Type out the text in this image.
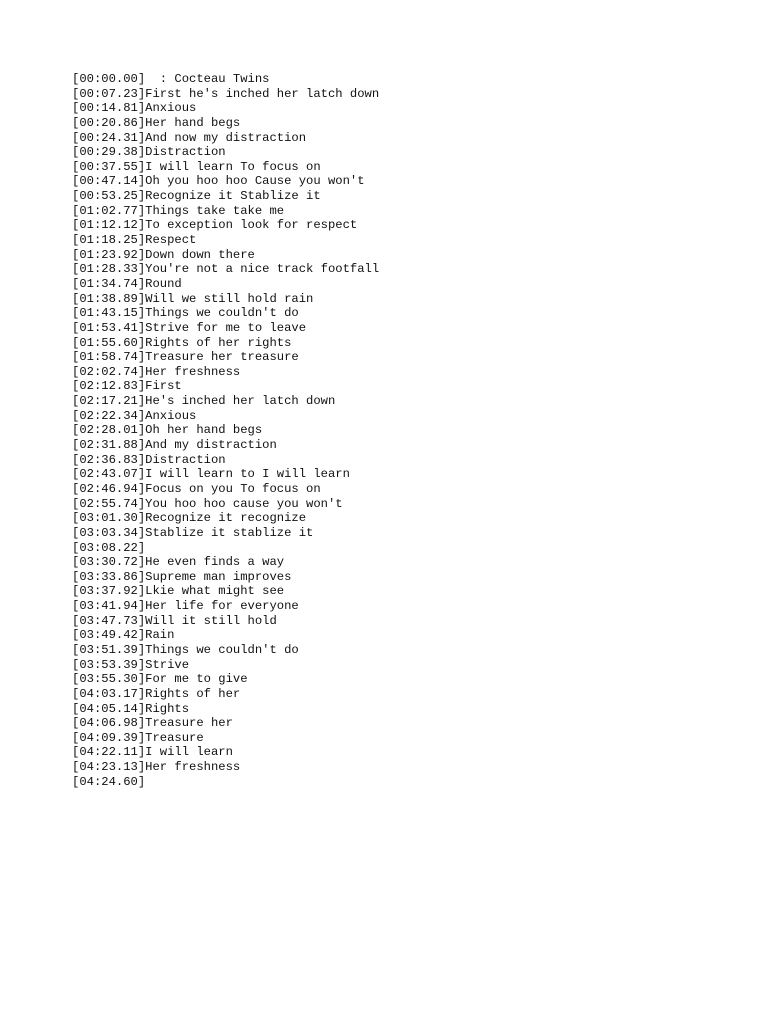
[00:00.00]  : Cocteau Twins
[00:07.23]First he's inched her latch down
[00:14.81]Anxious
[00:20.86]Her hand begs
[00:24.31]And now my distraction
[00:29.38]Distraction
[00:37.55]I will learn To focus on
[00:47.14]Oh you hoo hoo Cause you won't
[00:53.25]Recognize it Stablize it
[01:02.77]Things take take me
[01:12.12]To exception look for respect
[01:18.25]Respect
[01:23.92]Down down there
[01:28.33]You're not a nice track footfall
[01:34.74]Round
[01:38.89]Will we still hold rain
[01:43.15]Things we couldn't do
[01:53.41]Strive for me to leave
[01:55.60]Rights of her rights
[01:58.74]Treasure her treasure
[02:02.74]Her freshness
[02:12.83]First
[02:17.21]He's inched her latch down
[02:22.34]Anxious
[02:28.01]Oh her hand begs
[02:31.88]And my distraction
[02:36.83]Distraction
[02:43.07]I will learn to I will learn
[02:46.94]Focus on you To focus on
[02:55.74]You hoo hoo cause you won't
[03:01.30]Recognize it recognize
[03:03.34]Stablize it stablize it
[03:08.22]
[03:30.72]He even finds a way
[03:33.86]Supreme man improves
[03:37.92]Lkie what might see
[03:41.94]Her life for everyone
[03:47.73]Will it still hold
[03:49.42]Rain
[03:51.39]Things we couldn't do
[03:53.39]Strive
[03:55.30]For me to give
[04:03.17]Rights of her
[04:05.14]Rights
[04:06.98]Treasure her
[04:09.39]Treasure
[04:22.11]I will learn
[04:23.13]Her freshness
[04:24.60]
